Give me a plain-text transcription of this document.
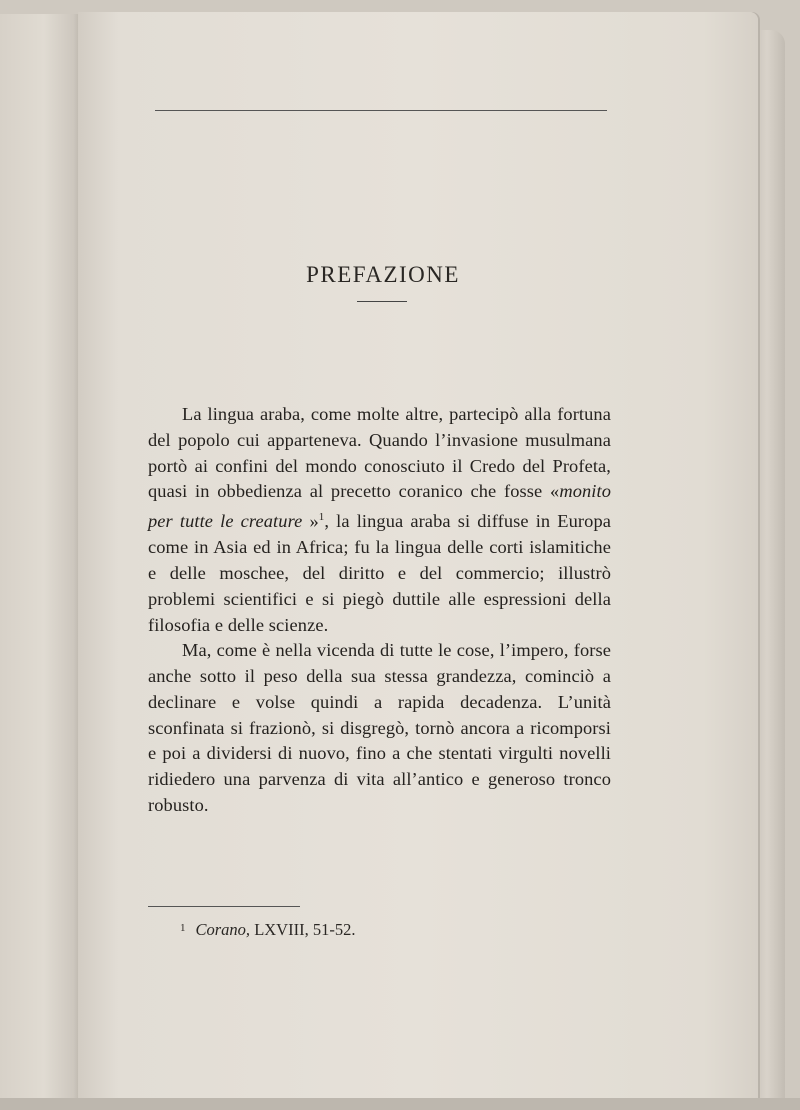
PREFAZIONE

La lingua araba, come molte altre, partecipò alla fortuna del popolo cui apparteneva. Quando l’invasione musulmana portò ai confini del mondo conosciuto il Credo del Profeta, quasi in obbedienza al precetto coranico che fosse «monito per tutte le creature »$^1$, la lingua araba si diffuse in Europa come in Asia ed in Africa; fu la lingua delle corti islamitiche e delle moschee, del diritto e del commercio; illustrò problemi scientifici e si piegò duttile alle espressioni della filosofia e delle scienze.

Ma, come è nella vicenda di tutte le cose, l’impero, forse anche sotto il peso della sua stessa grandezza, cominciò a declinare e volse quindi a rapida decadenza. L’unità sconfinata si frazionò, si disgregò, tornò ancora a ricomporsi e poi a dividersi di nuovo, fino a che stentati virgulti novelli ridiedero una parvenza di vita all’antico e generoso tronco robusto.

$^1$ Corano, LXVIII, 51-52.
